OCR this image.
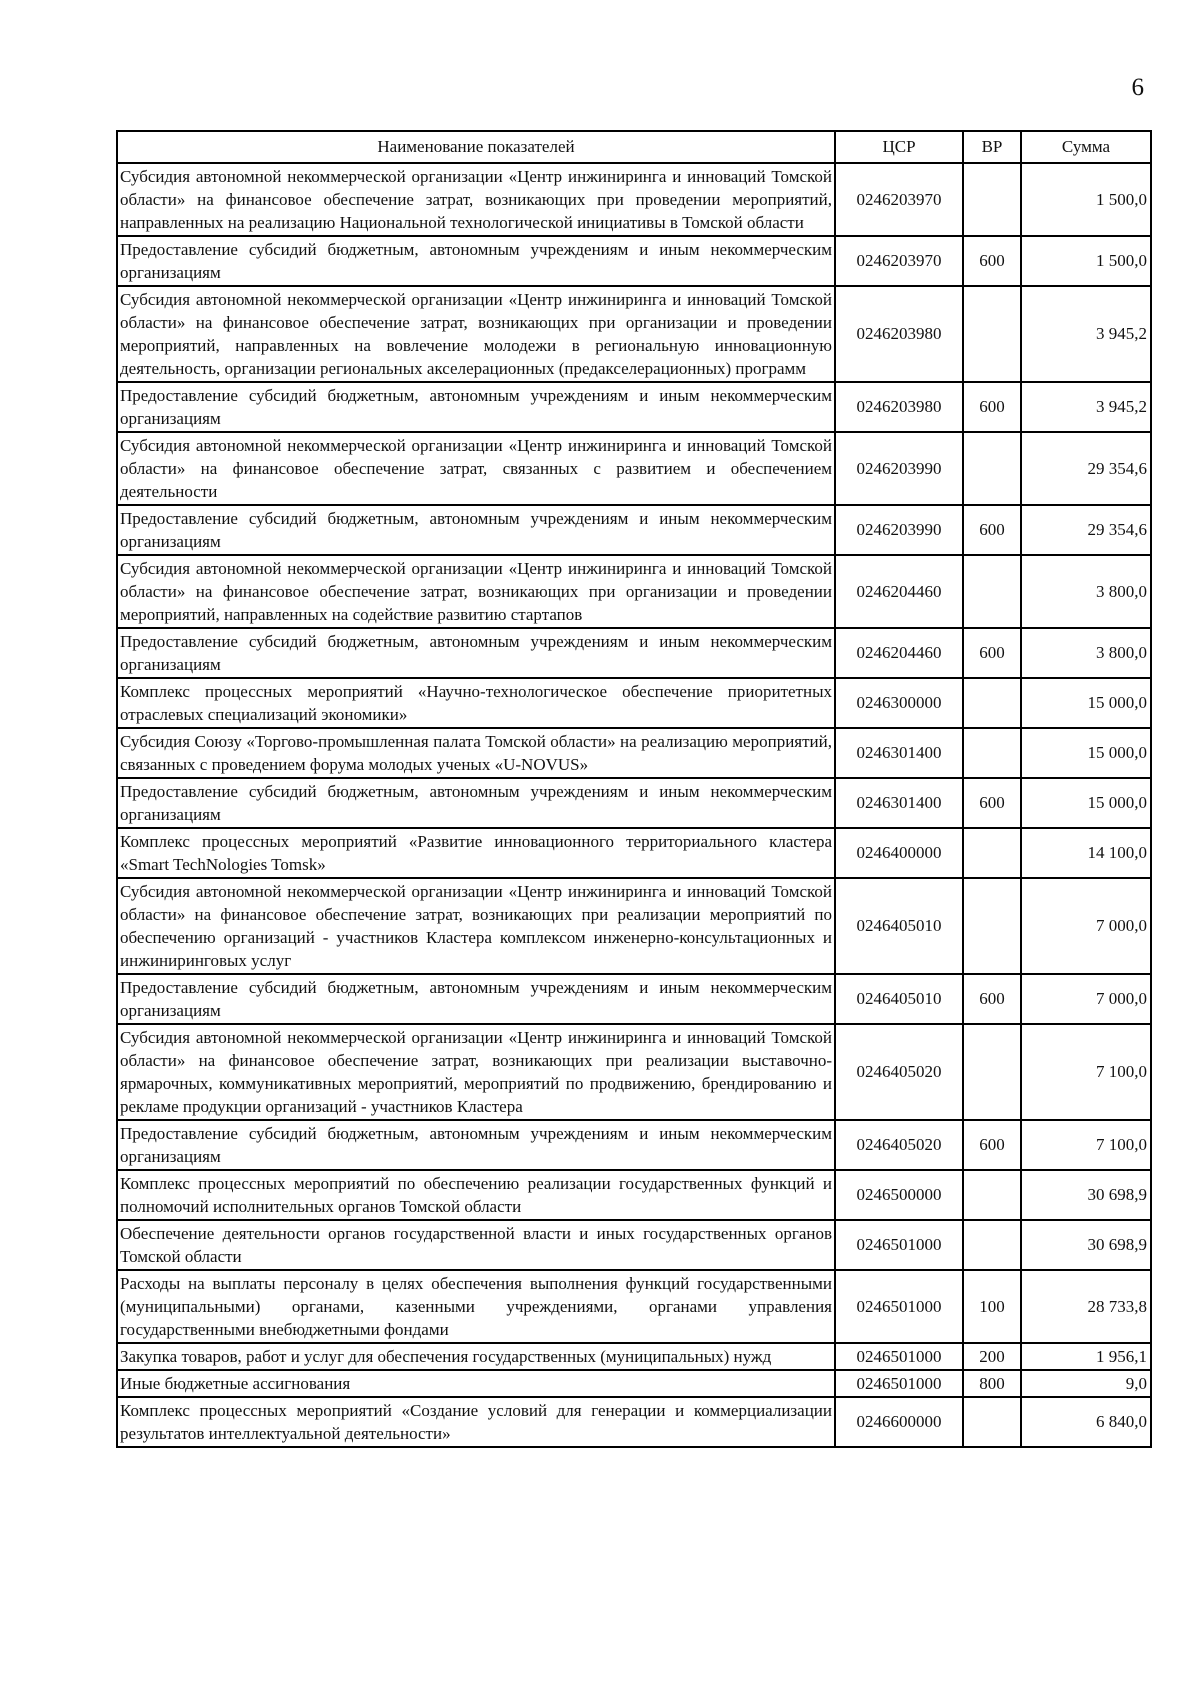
6
Наименование показателей	ЦСР	ВР	Сумма
Субсидия автономной некоммерческой организации «Центр инжиниринга и инноваций Томской области» на финансовое обеспечение затрат, возникающих при проведении мероприятий, направленных на реализацию Национальной технологической инициативы в Томской области	0246203970		1 500,0
Предоставление субсидий бюджетным, автономным учреждениям и иным некоммерческим организациям	0246203970	600	1 500,0
Субсидия автономной некоммерческой организации «Центр инжиниринга и инноваций Томской области» на финансовое обеспечение затрат, возникающих при организации и проведении мероприятий, направленных на вовлечение молодежи в региональную инновационную деятельность, организации региональных акселерационных (предакселерационных) программ	0246203980		3 945,2
Предоставление субсидий бюджетным, автономным учреждениям и иным некоммерческим организациям	0246203980	600	3 945,2
Субсидия автономной некоммерческой организации «Центр инжиниринга и инноваций Томской области» на финансовое обеспечение затрат, связанных с развитием и обеспечением деятельности	0246203990		29 354,6
Предоставление субсидий бюджетным, автономным учреждениям и иным некоммерческим организациям	0246203990	600	29 354,6
Субсидия автономной некоммерческой организации «Центр инжиниринга и инноваций Томской области» на финансовое обеспечение затрат, возникающих при организации и проведении мероприятий, направленных на содействие развитию стартапов	0246204460		3 800,0
Предоставление субсидий бюджетным, автономным учреждениям и иным некоммерческим организациям	0246204460	600	3 800,0
Комплекс процессных мероприятий «Научно-технологическое обеспечение приоритетных отраслевых специализаций экономики»	0246300000		15 000,0
Субсидия Союзу «Торгово-промышленная палата Томской области» на реализацию мероприятий, связанных с проведением форума молодых ученых «U-NOVUS»	0246301400		15 000,0
Предоставление субсидий бюджетным, автономным учреждениям и иным некоммерческим организациям	0246301400	600	15 000,0
Комплекс процессных мероприятий «Развитие инновационного территориального кластера «Smart TechNologies Tomsk»	0246400000		14 100,0
Субсидия автономной некоммерческой организации «Центр инжиниринга и инноваций Томской области» на финансовое обеспечение затрат, возникающих при реализации мероприятий по обеспечению организаций - участников Кластера комплексом инженерно-консультационных и инжиниринговых услуг	0246405010		7 000,0
Предоставление субсидий бюджетным, автономным учреждениям и иным некоммерческим организациям	0246405010	600	7 000,0
Субсидия автономной некоммерческой организации «Центр инжиниринга и инноваций Томской области» на финансовое обеспечение затрат, возникающих при реализации выставочно-ярмарочных, коммуникативных мероприятий, мероприятий по продвижению, брендированию и рекламе продукции организаций - участников Кластера	0246405020		7 100,0
Предоставление субсидий бюджетным, автономным учреждениям и иным некоммерческим организациям	0246405020	600	7 100,0
Комплекс процессных мероприятий по обеспечению реализации государственных функций и полномочий исполнительных органов Томской области	0246500000		30 698,9
Обеспечение деятельности органов государственной власти и иных государственных органов Томской области	0246501000		30 698,9
Расходы на выплаты персоналу в целях обеспечения выполнения функций государственными (муниципальными) органами, казенными учреждениями, органами управления государственными внебюджетными фондами	0246501000	100	28 733,8
Закупка товаров, работ и услуг для обеспечения государственных (муниципальных) нужд	0246501000	200	1 956,1
Иные бюджетные ассигнования	0246501000	800	9,0
Комплекс процессных мероприятий «Создание условий для генерации и коммерциализации результатов интеллектуальной деятельности»	0246600000		6 840,0
